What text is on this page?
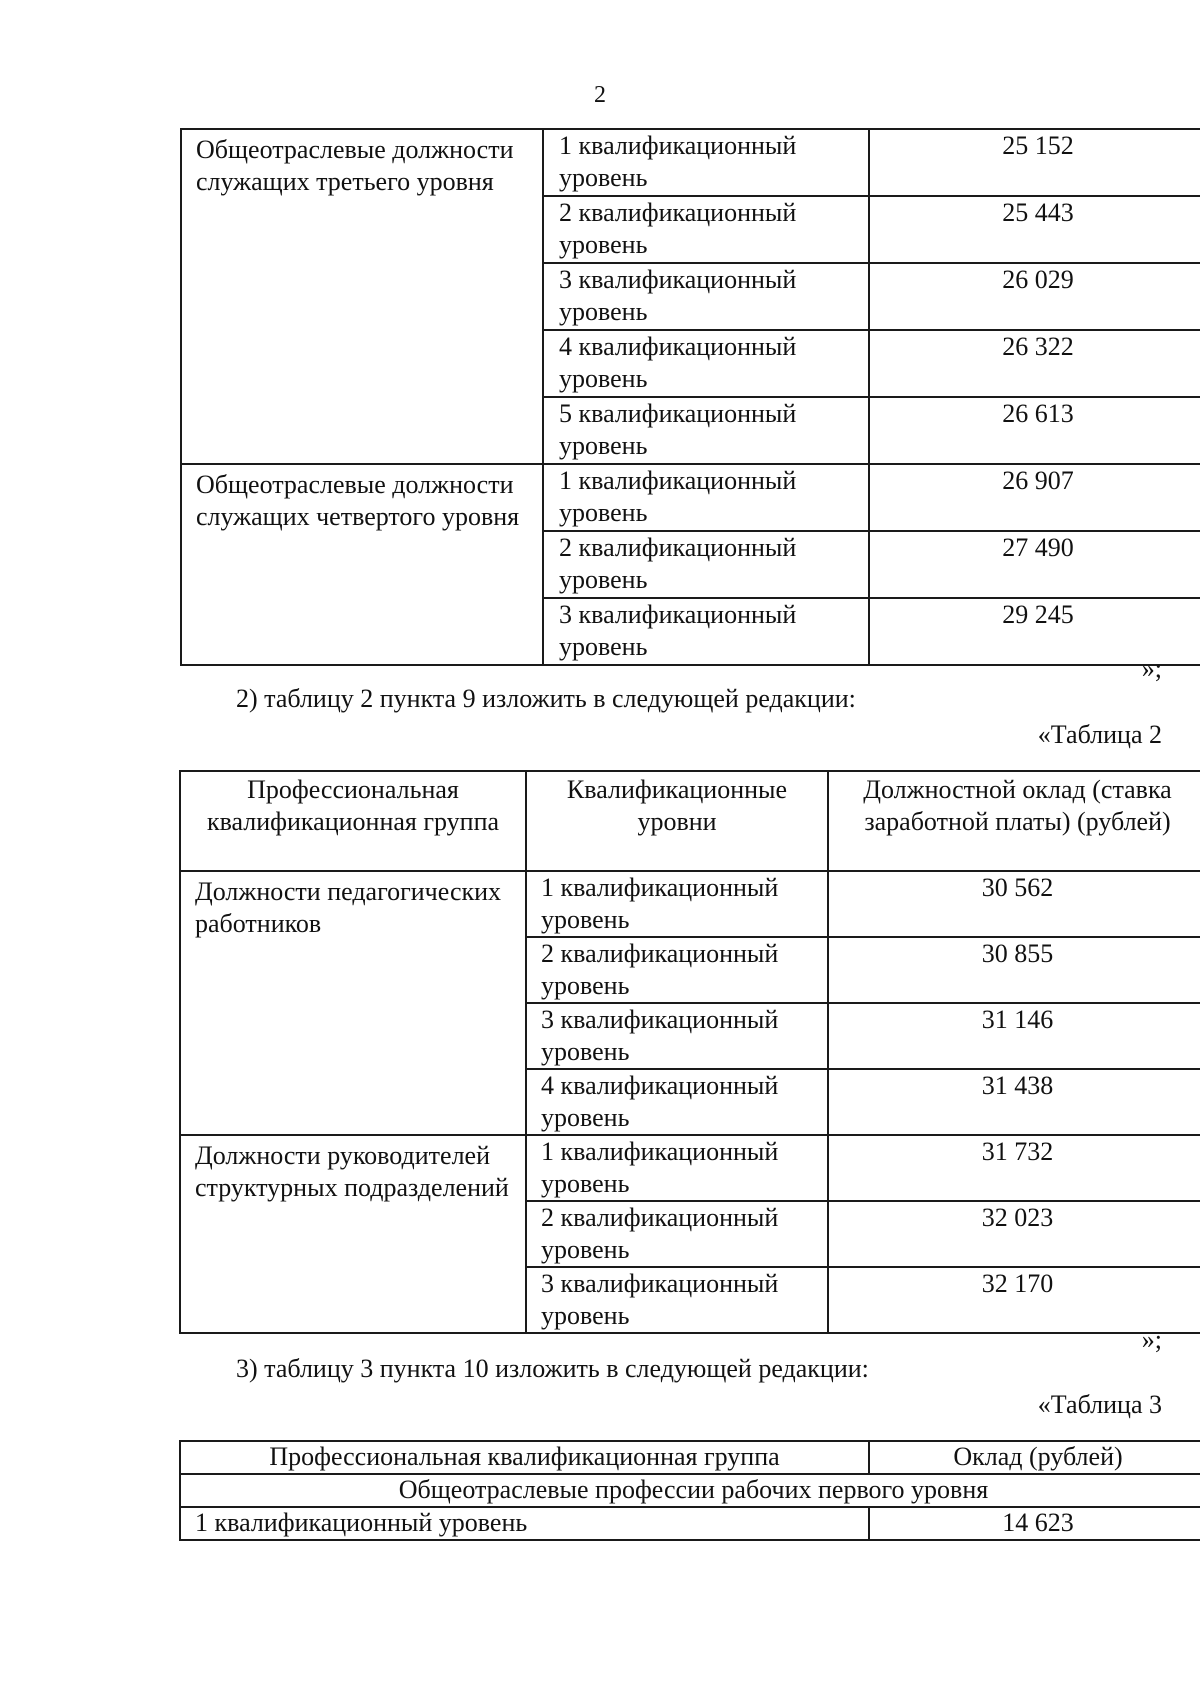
2
Общеотраслевые должности служащих третьего уровня	1 квалификационный уровень	25 152
	2 квалификационный уровень	25 443
	3 квалификационный уровень	26 029
	4 квалификационный уровень	26 322
	5 квалификационный уровень	26 613
Общеотраслевые должности служащих четвертого уровня	1 квалификационный уровень	26 907
	2 квалификационный уровень	27 490
	3 квалификационный уровень	29 245
»;
2) таблицу 2 пункта 9 изложить в следующей редакции:
«Таблица 2
Профессиональная квалификационная группа	Квалификационные уровни	Должностной оклад (ставка заработной платы) (рублей)
Должности педагогических работников	1 квалификационный уровень	30 562
	2 квалификационный уровень	30 855
	3 квалификационный уровень	31 146
	4 квалификационный уровень	31 438
Должности руководителей структурных подразделений	1 квалификационный уровень	31 732
	2 квалификационный уровень	32 023
	3 квалификационный уровень	32 170
»;
3) таблицу 3 пункта 10 изложить в следующей редакции:
«Таблица 3
Профессиональная квалификационная группа	Оклад (рублей)
Общеотраслевые профессии рабочих первого уровня	
1 квалификационный уровень	14 623
